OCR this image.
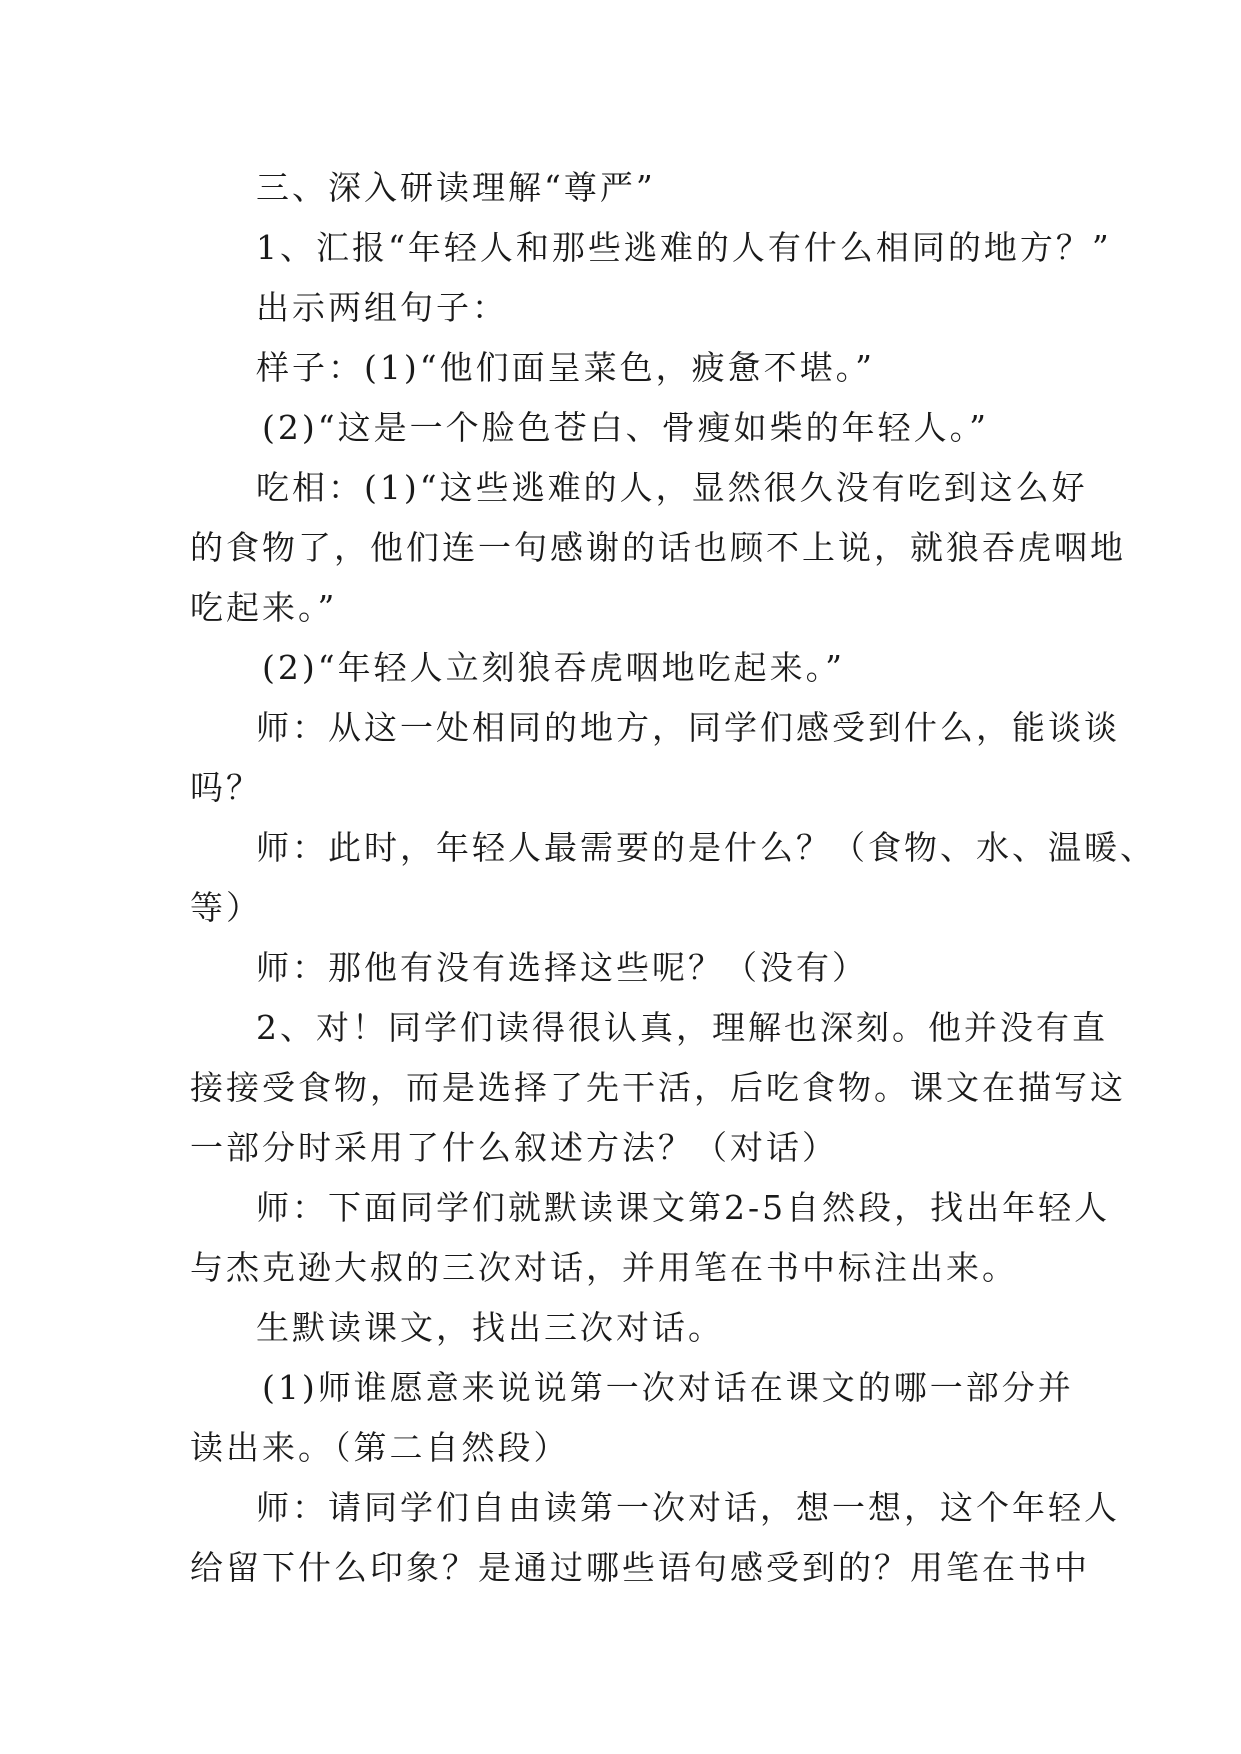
三、深入研读理解“尊严”
1、汇报“年轻人和那些逃难的人有什么相同的地方？”
出示两组句子：
样子：(1)“他们面呈菜色，疲惫不堪。”
(2)“这是一个脸色苍白、骨瘦如柴的年轻人。”
吃相：(1)“这些逃难的人，显然很久没有吃到这么好
的食物了，他们连一句感谢的话也顾不上说，就狼吞虎咽地
吃起来。”
(2)“年轻人立刻狼吞虎咽地吃起来。”
师：从这一处相同的地方，同学们感受到什么，能谈谈
吗？
师：此时，年轻人最需要的是什么？（食物、水、温暖、
等）
师：那他有没有选择这些呢？（没有）
2、对！同学们读得很认真，理解也深刻。他并没有直
接接受食物，而是选择了先干活，后吃食物。课文在描写这
一部分时采用了什么叙述方法？（对话）
师：下面同学们就默读课文第2-5自然段，找出年轻人
与杰克逊大叔的三次对话，并用笔在书中标注出来。
生默读课文，找出三次对话。
(1)师谁愿意来说说第一次对话在课文的哪一部分并
读出来。（第二自然段）
师：请同学们自由读第一次对话，想一想，这个年轻人
给留下什么印象？是通过哪些语句感受到的？用笔在书中
